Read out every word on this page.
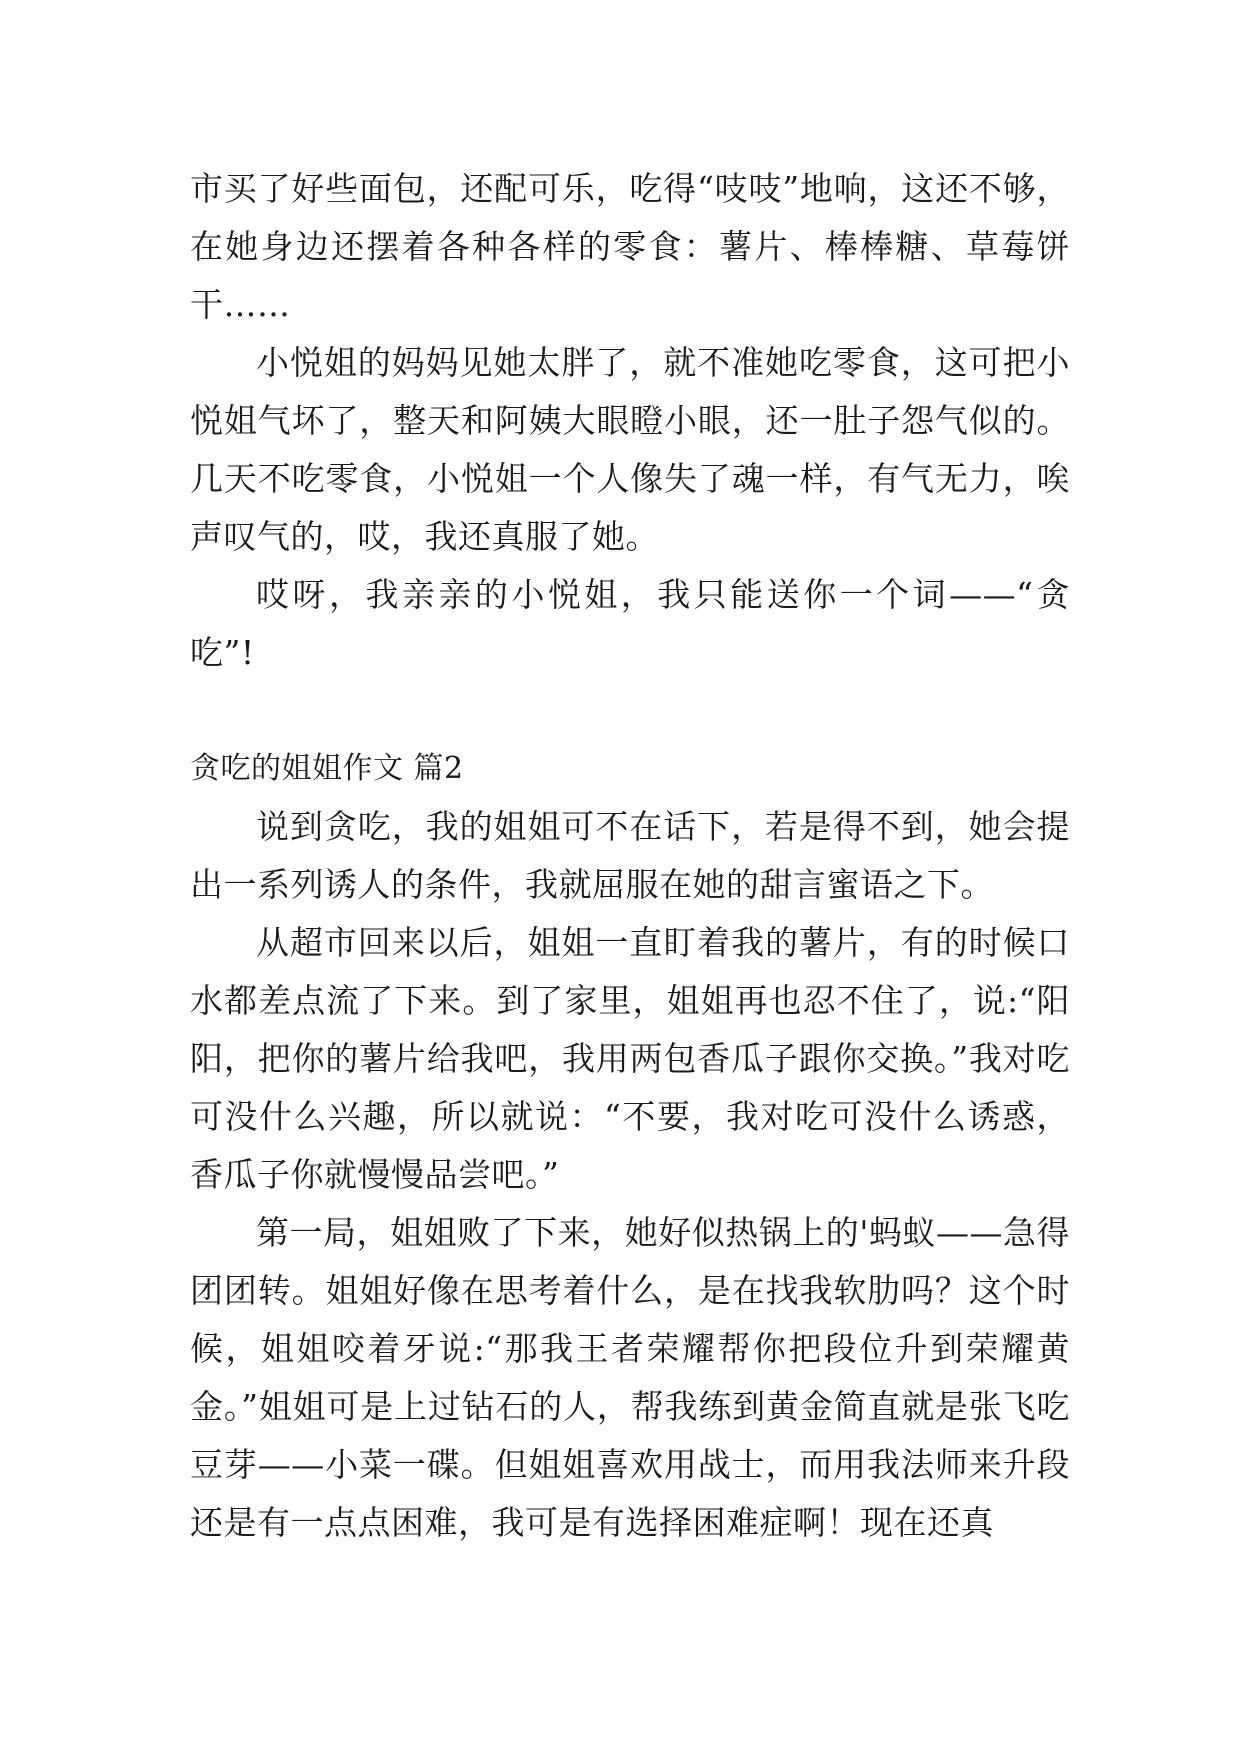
市买了好些面包，还配可乐，吃得“吱吱”地响，这还不够，在她身边还摆着各种各样的零食：薯片、棒棒糖、草莓饼干……

小悦姐的妈妈见她太胖了，就不准她吃零食，这可把小悦姐气坏了，整天和阿姨大眼瞪小眼，还一肚子怨气似的。几天不吃零食，小悦姐一个人像失了魂一样，有气无力，唉声叹气的，哎，我还真服了她。

哎呀，我亲亲的小悦姐，我只能送你一个词——“贪吃”!

贪吃的姐姐作文 篇2

说到贪吃，我的姐姐可不在话下，若是得不到，她会提出一系列诱人的条件，我就屈服在她的甜言蜜语之下。

从超市回来以后，姐姐一直盯着我的薯片，有的时候口水都差点流了下来。到了家里，姐姐再也忍不住了，说:“阳阳，把你的薯片给我吧，我用两包香瓜子跟你交换。”我对吃可没什么兴趣，所以就说：“不要，我对吃可没什么诱惑，香瓜子你就慢慢品尝吧。”

第一局，姐姐败了下来，她好似热锅上的'蚂蚁——急得团团转。姐姐好像在思考着什么，是在找我软肋吗？这个时候，姐姐咬着牙说:“那我王者荣耀帮你把段位升到荣耀黄金。”姐姐可是上过钻石的人，帮我练到黄金简直就是张飞吃豆芽——小菜一碟。但姐姐喜欢用战士，而用我法师来升段还是有一点点困难，我可是有选择困难症啊！现在还真
